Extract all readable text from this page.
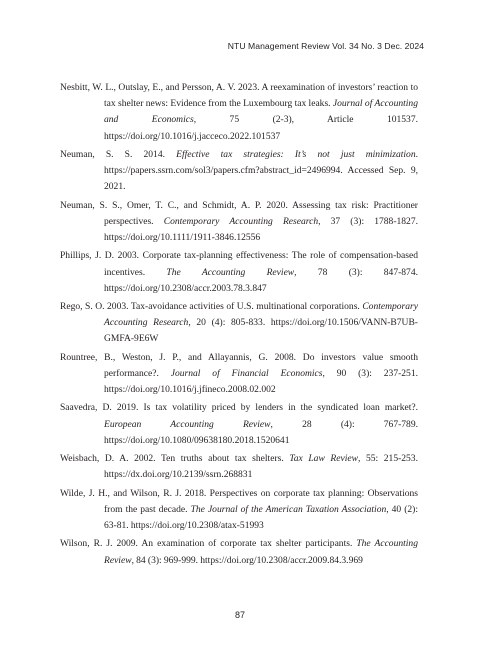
NTU Management Review Vol. 34 No. 3 Dec. 2024
Nesbitt, W. L., Outslay, E., and Persson, A. V. 2023. A reexamination of investors’ reaction to tax shelter news: Evidence from the Luxembourg tax leaks. Journal of Accounting and Economics, 75 (2-3), Article 101537. https://doi.org/10.1016/j.jacceco.2022.101537
Neuman, S. S. 2014. Effective tax strategies: It’s not just minimization. https://papers.ssrn.com/sol3/papers.cfm?abstract_id=2496994. Accessed Sep. 9, 2021.
Neuman, S. S., Omer, T. C., and Schmidt, A. P. 2020. Assessing tax risk: Practitioner perspectives. Contemporary Accounting Research, 37 (3): 1788-1827. https://doi.org/10.1111/1911-3846.12556
Phillips, J. D. 2003. Corporate tax-planning effectiveness: The role of compensation-based incentives. The Accounting Review, 78 (3): 847-874. https://doi.org/10.2308/accr.2003.78.3.847
Rego, S. O. 2003. Tax-avoidance activities of U.S. multinational corporations. Contemporary Accounting Research, 20 (4): 805-833. https://doi.org/10.1506/VANN-B7UB-GMFA-9E6W
Rountree, B., Weston, J. P., and Allayannis, G. 2008. Do investors value smooth performance?. Journal of Financial Economics, 90 (3): 237-251. https://doi.org/10.1016/j.jfineco.2008.02.002
Saavedra, D. 2019. Is tax volatility priced by lenders in the syndicated loan market?. European Accounting Review, 28 (4): 767-789. https://doi.org/10.1080/09638180.2018.1520641
Weisbach, D. A. 2002. Ten truths about tax shelters. Tax Law Review, 55: 215-253. https://dx.doi.org/10.2139/ssrn.268831
Wilde, J. H., and Wilson, R. J. 2018. Perspectives on corporate tax planning: Observations from the past decade. The Journal of the American Taxation Association, 40 (2): 63-81. https://doi.org/10.2308/atax-51993
Wilson, R. J. 2009. An examination of corporate tax shelter participants. The Accounting Review, 84 (3): 969-999. https://doi.org/10.2308/accr.2009.84.3.969
87
